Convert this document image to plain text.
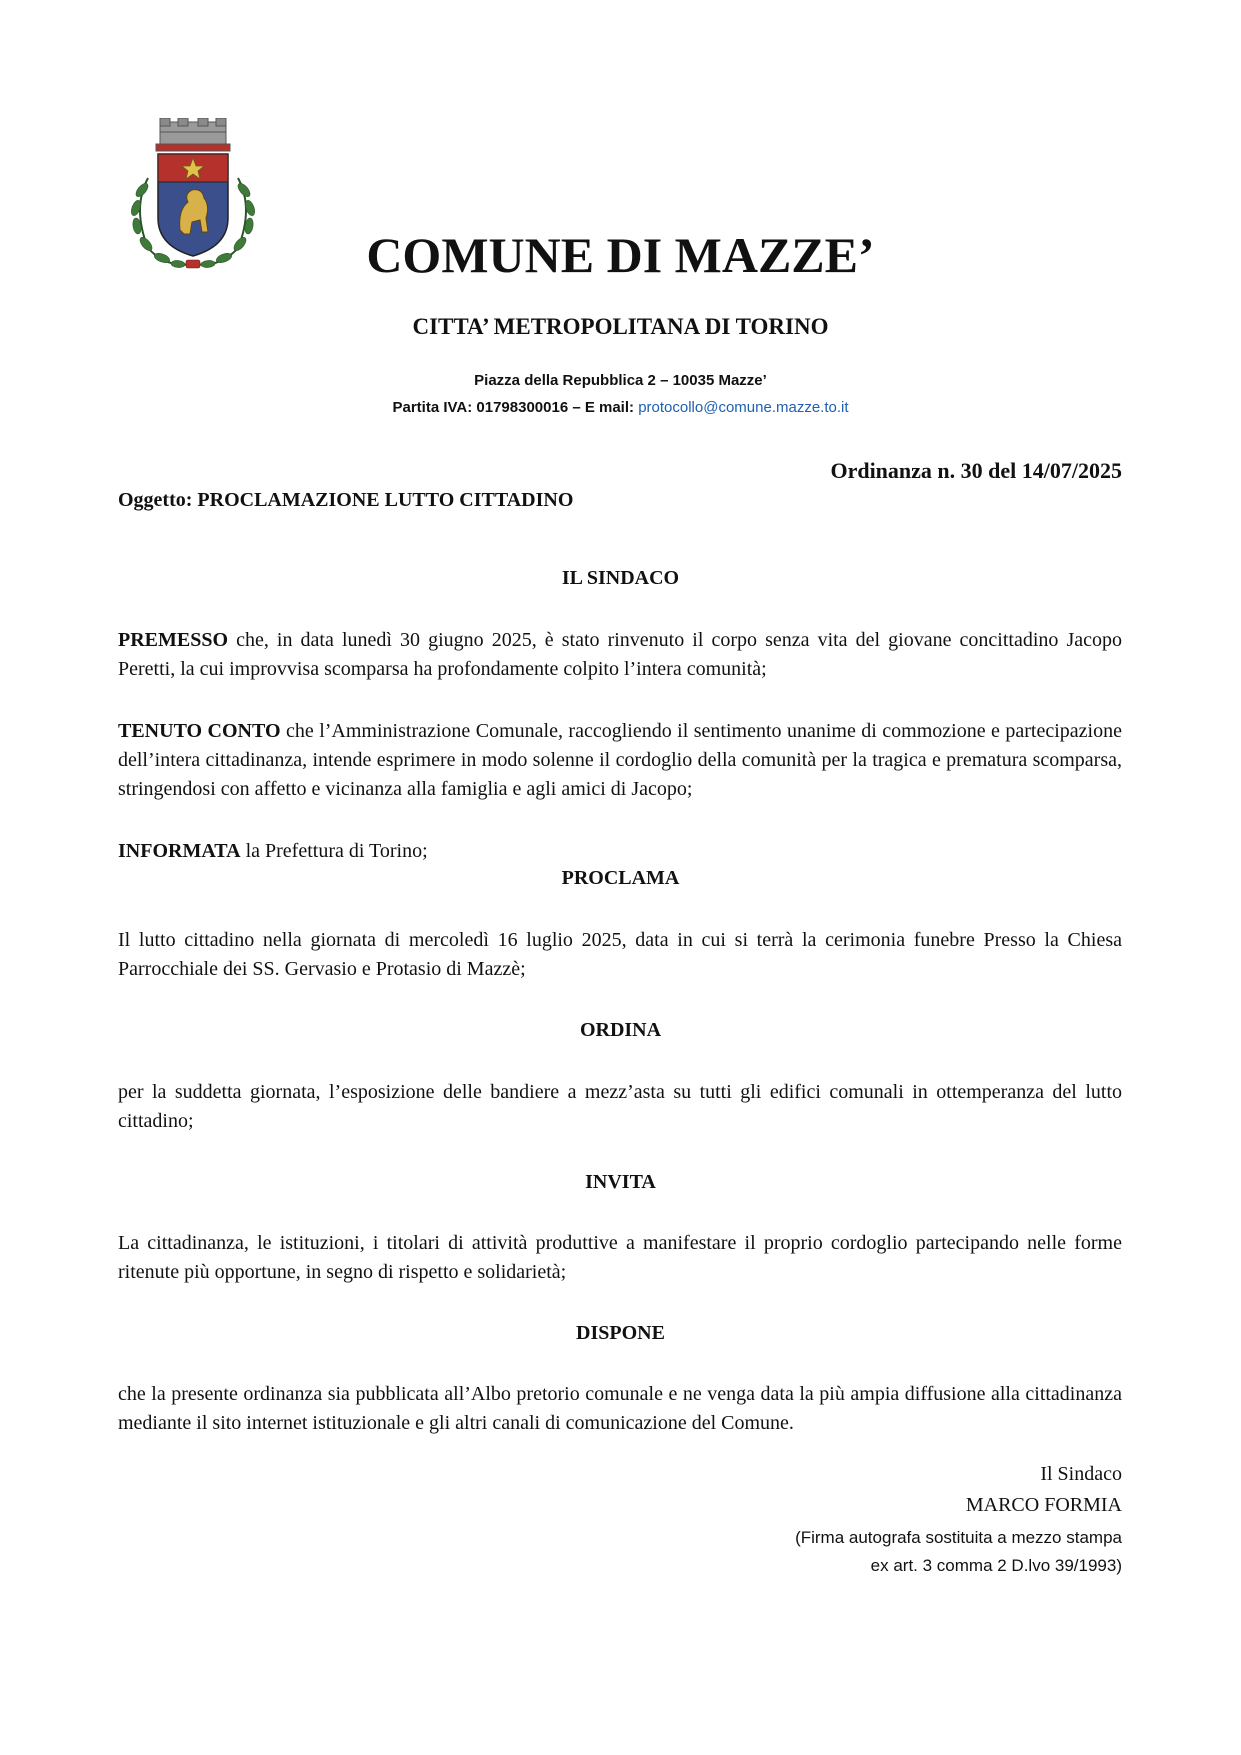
COMUNE DI MAZZE’
CITTA’ METROPOLITANA DI TORINO
Piazza della Repubblica 2 – 10035 Mazze’
Partita IVA: 01798300016 – E mail: protocollo@comune.mazze.to.it
Ordinanza n. 30 del 14/07/2025
Oggetto: PROCLAMAZIONE LUTTO CITTADINO
IL SINDACO
PREMESSO che, in data lunedì 30 giugno 2025, è stato rinvenuto il corpo senza vita del giovane concittadino Jacopo Peretti, la cui improvvisa scomparsa ha profondamente colpito l’intera comunità;
TENUTO CONTO che l’Amministrazione Comunale, raccogliendo il sentimento unanime di commozione e partecipazione dell’intera cittadinanza, intende esprimere in modo solenne il cordoglio della comunità per la tragica e prematura scomparsa, stringendosi con affetto e vicinanza alla famiglia e agli amici di Jacopo;
INFORMATA la Prefettura di Torino;
PROCLAMA
Il lutto cittadino nella giornata di mercoledì 16 luglio 2025, data in cui si terrà la cerimonia funebre Presso la Chiesa Parrocchiale dei SS. Gervasio e Protasio di Mazzè;
ORDINA
per la suddetta giornata, l’esposizione delle bandiere a mezz’asta su tutti gli edifici comunali in ottemperanza del lutto cittadino;
INVITA
La cittadinanza, le istituzioni, i titolari di attività produttive a manifestare il proprio cordoglio partecipando nelle forme ritenute più opportune, in segno di rispetto e solidarietà;
DISPONE
che la presente ordinanza sia pubblicata all’Albo pretorio comunale e ne venga data la più ampia diffusione alla cittadinanza mediante il sito internet istituzionale e gli altri canali di comunicazione del Comune.
Il Sindaco
MARCO FORMIA
(Firma autografa sostituita a mezzo stampa
ex art. 3 comma 2 D.lvo 39/1993)
